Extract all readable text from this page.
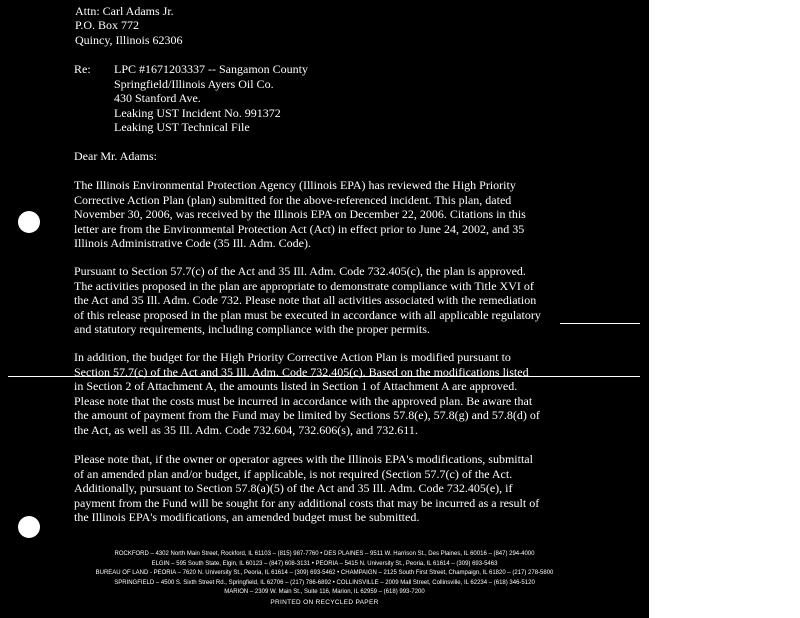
Attn: Carl Adams Jr.
P.O. Box 772
Quincy, Illinois 62306
Re: LPC #1671203337 -- Sangamon County
Springfield/Illinois Ayers Oil Co.
430 Stanford Ave.
Leaking UST Incident No. 991372
Leaking UST Technical File
Dear Mr. Adams:
The Illinois Environmental Protection Agency (Illinois EPA) has reviewed the High Priority
Corrective Action Plan (plan) submitted for the above-referenced incident. This plan, dated
November 30, 2006, was received by the Illinois EPA on December 22, 2006. Citations in this
letter are from the Environmental Protection Act (Act) in effect prior to June 24, 2002, and 35
Illinois Administrative Code (35 Ill. Adm. Code).
Pursuant to Section 57.7(c) of the Act and 35 Ill. Adm. Code 732.405(c), the plan is approved.
The activities proposed in the plan are appropriate to demonstrate compliance with Title XVI of
the Act and 35 Ill. Adm. Code 732. Please note that all activities associated with the remediation
of this release proposed in the plan must be executed in accordance with all applicable regulatory
and statutory requirements, including compliance with the proper permits.
In addition, the budget for the High Priority Corrective Action Plan is modified pursuant to
Section 57.7(c) of the Act and 35 Ill. Adm. Code 732.405(c). Based on the modifications listed
in Section 2 of Attachment A, the amounts listed in Section 1 of Attachment A are approved.
Please note that the costs must be incurred in accordance with the approved plan. Be aware that
the amount of payment from the Fund may be limited by Sections 57.8(e), 57.8(g) and 57.8(d) of
the Act, as well as 35 Ill. Adm. Code 732.604, 732.606(s), and 732.611.
Please note that, if the owner or operator agrees with the Illinois EPA's modifications, submittal
of an amended plan and/or budget, if applicable, is not required (Section 57.7(c) of the Act.
Additionally, pursuant to Section 57.8(a)(5) of the Act and 35 Ill. Adm. Code 732.405(e), if
payment from the Fund will be sought for any additional costs that may be incurred as a result of
the Illinois EPA's modifications, an amended budget must be submitted.
ROCKFORD – 4302 North Main Street, Rockford, IL 61103 – (815) 987-7760 • DES PLAINES – 9511 W. Harrison St., Des Plaines, IL 60016 – (847) 294-4000
ELGIN – 595 South State, Elgin, IL 60123 – (847) 608-3131 • PEORIA – 5415 N. University St., Peoria, IL 61614 – (309) 693-5463
BUREAU OF LAND - PEORIA – 7620 N. University St., Peoria, IL 61614 – (309) 693-5462 • CHAMPAIGN – 2125 South First Street, Champaign, IL 61820 – (217) 278-5800
SPRINGFIELD – 4500 S. Sixth Street Rd., Springfield, IL 62706 – (217) 786-6892 • COLLINSVILLE – 2009 Mall Street, Collinsville, IL 62234 – (618) 346-5120
MARION – 2309 W. Main St., Suite 116, Marion, IL 62959 – (618) 993-7200
PRINTED ON RECYCLED PAPER
